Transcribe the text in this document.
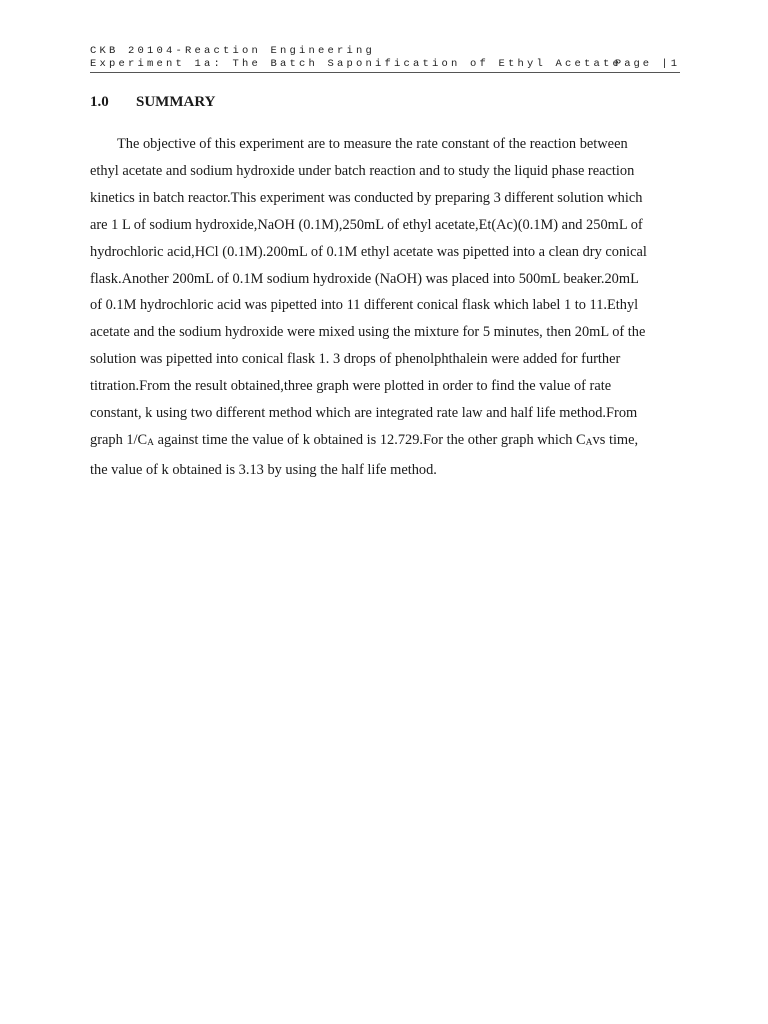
CKB 20104-Reaction Engineering
Experiment 1a: The Batch Saponification of Ethyl Acetate
Page |1
1.0 SUMMARY

The objective of this experiment are to measure the rate constant of the reaction between
ethyl acetate and sodium hydroxide under batch reaction and to study the liquid phase reaction
kinetics in batch reactor.This experiment was conducted by preparing 3 different solution which
are 1 L of sodium hydroxide,NaOH (0.1M),250mL of ethyl acetate,Et(Ac)(0.1M) and 250mL of
hydrochloric acid,HCl (0.1M).200mL of 0.1M ethyl acetate was pipetted into a clean dry conical
flask.Another 200mL of 0.1M sodium hydroxide (NaOH) was placed into 500mL beaker.20mL
of 0.1M hydrochloric acid was pipetted into 11 different conical flask which label 1 to 11.Ethyl
acetate and the sodium hydroxide were mixed using the mixture for 5 minutes, then 20mL of the
solution was pipetted into conical flask 1. 3 drops of phenolphthalein were added for further
titration.From the result obtained,three graph were plotted in order to find the value of rate
constant, k using two different method which are integrated rate law and half life method.From
graph 1/CA against time the value of k obtained is 12.729.For the other graph which CAvs time,
the value of k obtained is 3.13 by using the half life method.
